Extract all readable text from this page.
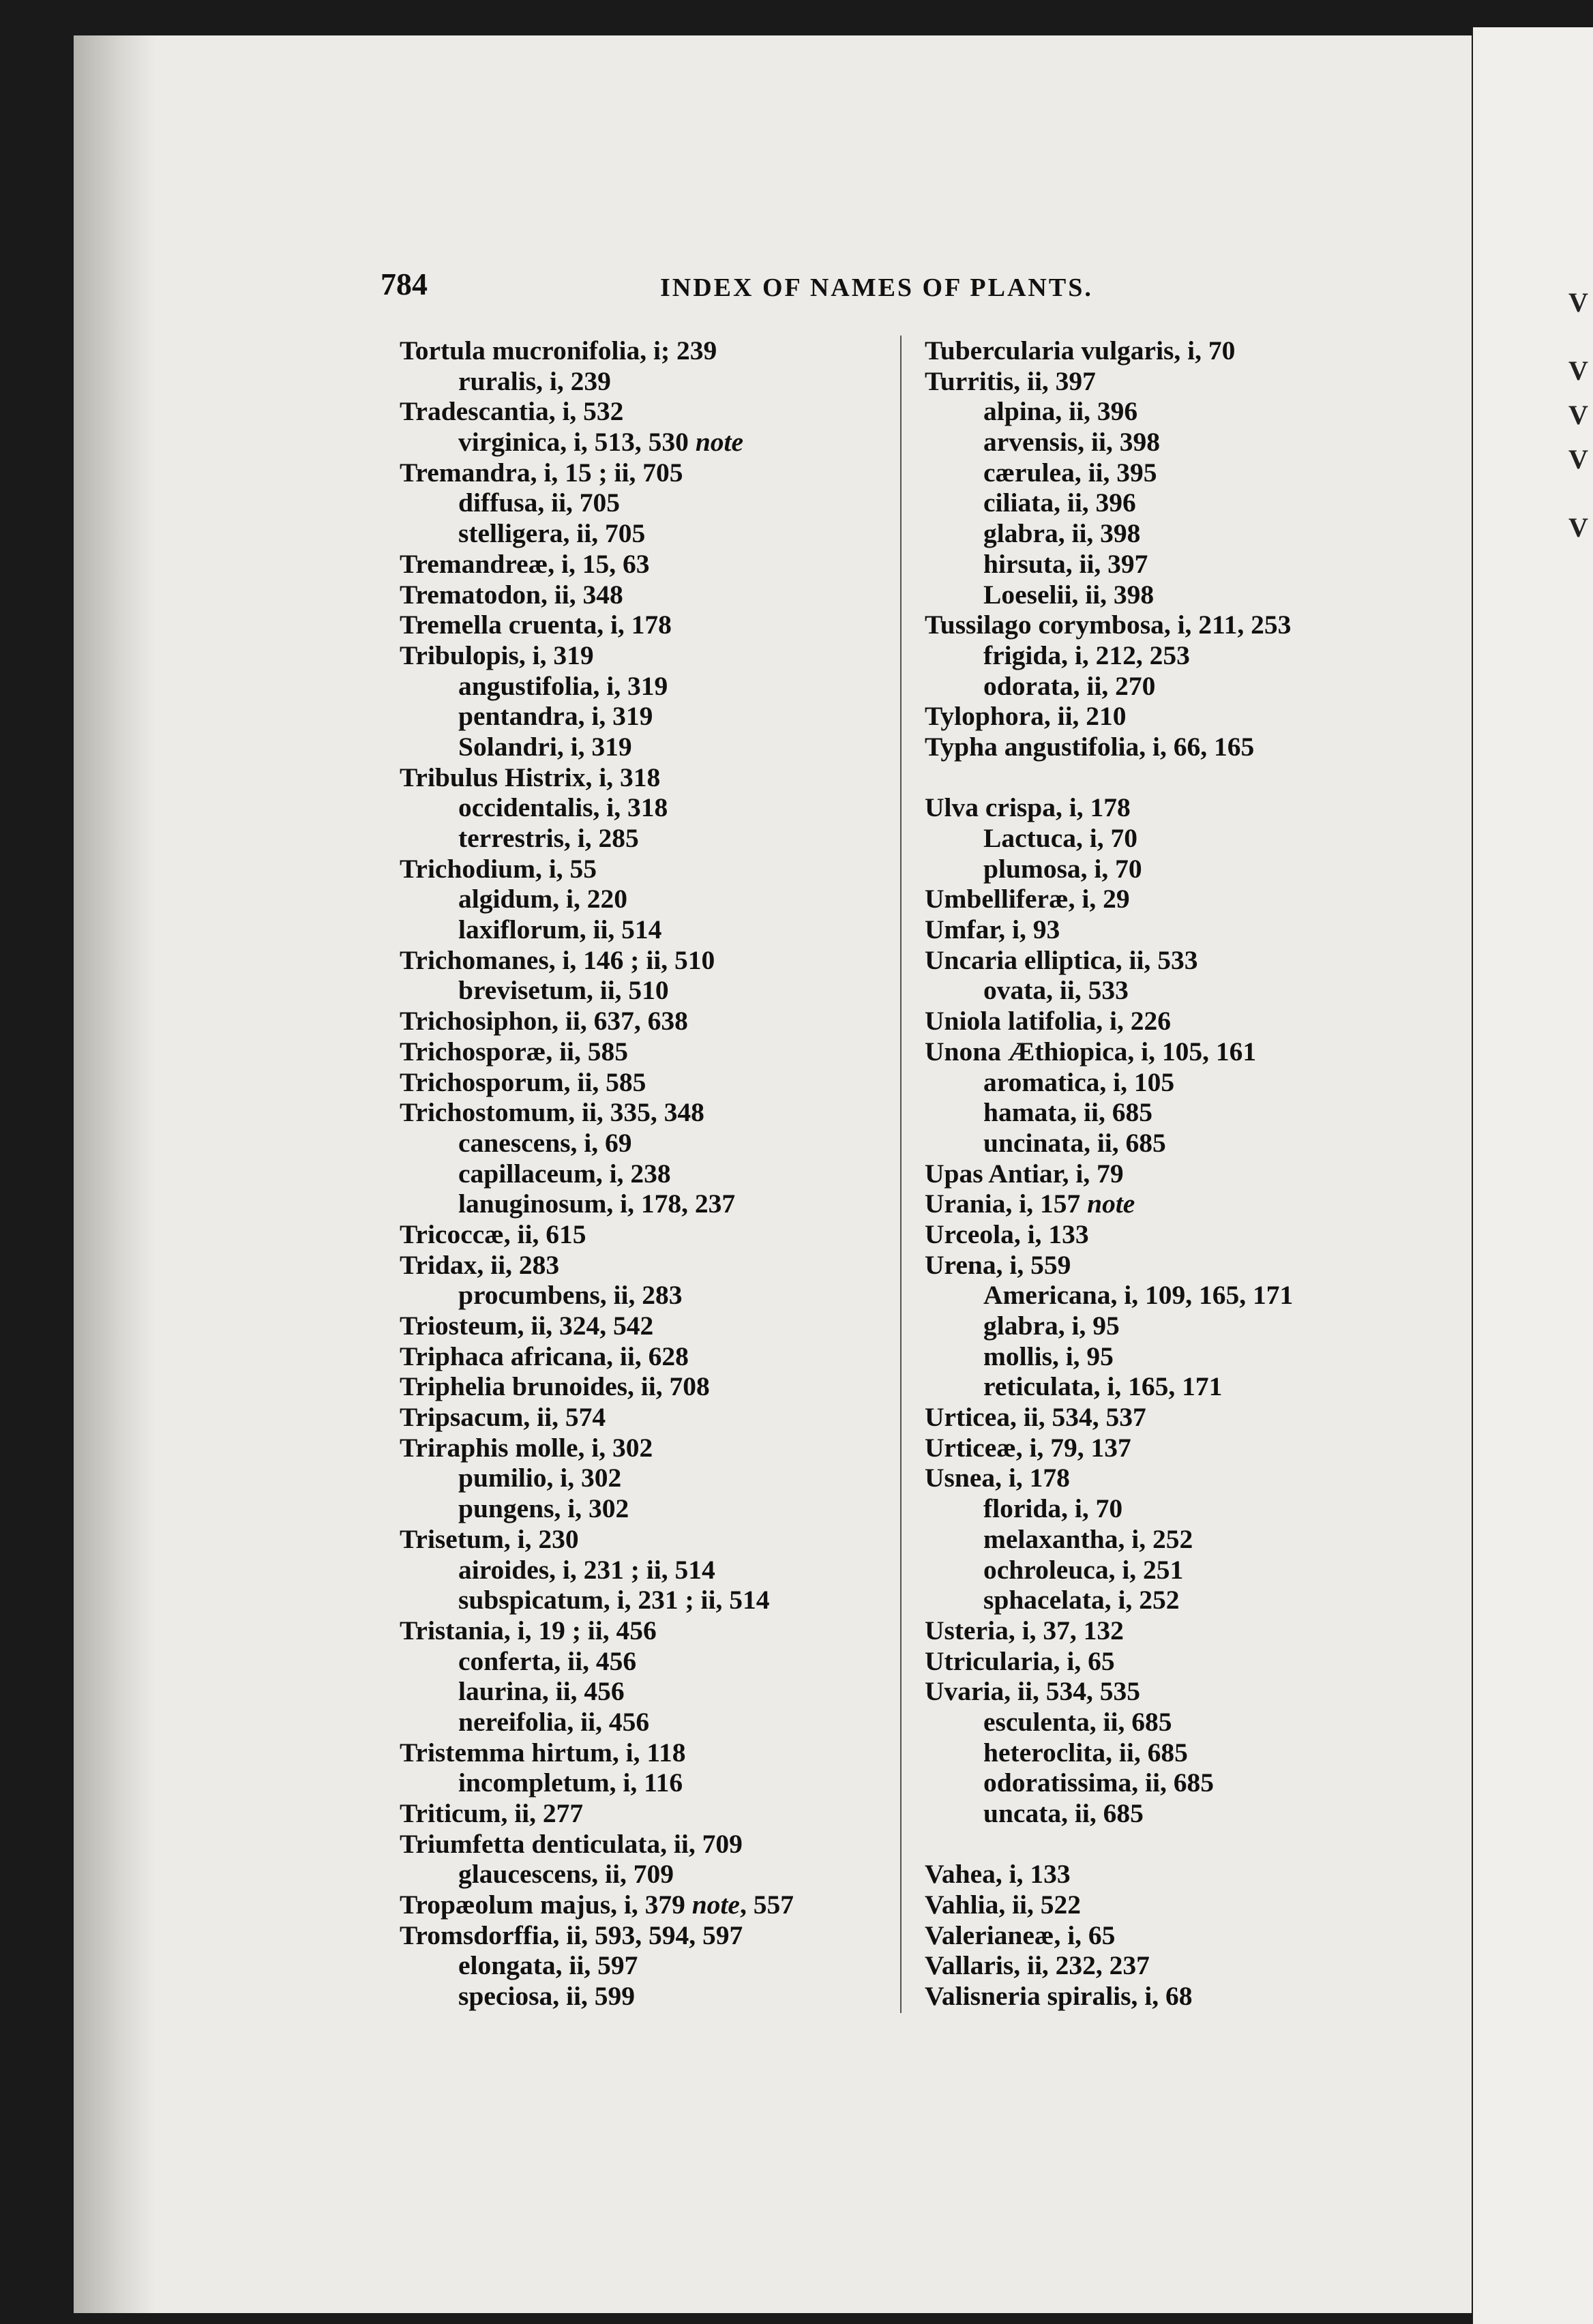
784	INDEX OF NAMES OF PLANTS.
Tortula mucronifolia, i; 239
ruralis, i, 239
Tradescantia, i, 532
virginica, i, 513, 530 note
Tremandra, i, 15 ; ii, 705
diffusa, ii, 705
stelligera, ii, 705
Tremandreæ, i, 15, 63
Trematodon, ii, 348
Tremella cruenta, i, 178
Tribulopis, i, 319
angustifolia, i, 319
pentandra, i, 319
Solandri, i, 319
Tribulus Histrix, i, 318
occidentalis, i, 318
terrestris, i, 285
Trichodium, i, 55
algidum, i, 220
laxiflorum, ii, 514
Trichomanes, i, 146 ; ii, 510
brevisetum, ii, 510
Trichosiphon, ii, 637, 638
Trichosporæ, ii, 585
Trichosporum, ii, 585
Trichostomum, ii, 335, 348
canescens, i, 69
capillaceum, i, 238
lanuginosum, i, 178, 237
Tricoccæ, ii, 615
Tridax, ii, 283
procumbens, ii, 283
Triosteum, ii, 324, 542
Triphaca africana, ii, 628
Triphelia brunoides, ii, 708
Tripsacum, ii, 574
Triraphis molle, i, 302
pumilio, i, 302
pungens, i, 302
Trisetum, i, 230
airoides, i, 231 ; ii, 514
subspicatum, i, 231 ; ii, 514
Tristania, i, 19 ; ii, 456
conferta, ii, 456
laurina, ii, 456
nereifolia, ii, 456
Tristemma hirtum, i, 118
incompletum, i, 116
Triticum, ii, 277
Triumfetta denticulata, ii, 709
glaucescens, ii, 709
Tropæolum majus, i, 379 note, 557
Tromsdorffia, ii, 593, 594, 597
elongata, ii, 597
speciosa, ii, 599
Tubercularia vulgaris, i, 70
Turritis, ii, 397
alpina, ii, 396
arvensis, ii, 398
cærulea, ii, 395
ciliata, ii, 396
glabra, ii, 398
hirsuta, ii, 397
Loeselii, ii, 398
Tussilago corymbosa, i, 211, 253
frigida, i, 212, 253
odorata, ii, 270
Tylophora, ii, 210
Typha angustifolia, i, 66, 165
Ulva crispa, i, 178
Lactuca, i, 70
plumosa, i, 70
Umbelliferæ, i, 29
Umfar, i, 93
Uncaria elliptica, ii, 533
ovata, ii, 533
Uniola latifolia, i, 226
Unona Æthiopica, i, 105, 161
aromatica, i, 105
hamata, ii, 685
uncinata, ii, 685
Upas Antiar, i, 79
Urania, i, 157 note
Urceola, i, 133
Urena, i, 559
Americana, i, 109, 165, 171
glabra, i, 95
mollis, i, 95
reticulata, i, 165, 171
Urticea, ii, 534, 537
Urticeæ, i, 79, 137
Usnea, i, 178
florida, i, 70
melaxantha, i, 252
ochroleuca, i, 251
sphacelata, i, 252
Usteria, i, 37, 132
Utricularia, i, 65
Uvaria, ii, 534, 535
esculenta, ii, 685
heteroclita, ii, 685
odoratissima, ii, 685
uncata, ii, 685
Vahea, i, 133
Vahlia, ii, 522
Valerianeæ, i, 65
Vallaris, ii, 232, 237
Valisneria spiralis, i, 68
V
V
V
V
V
